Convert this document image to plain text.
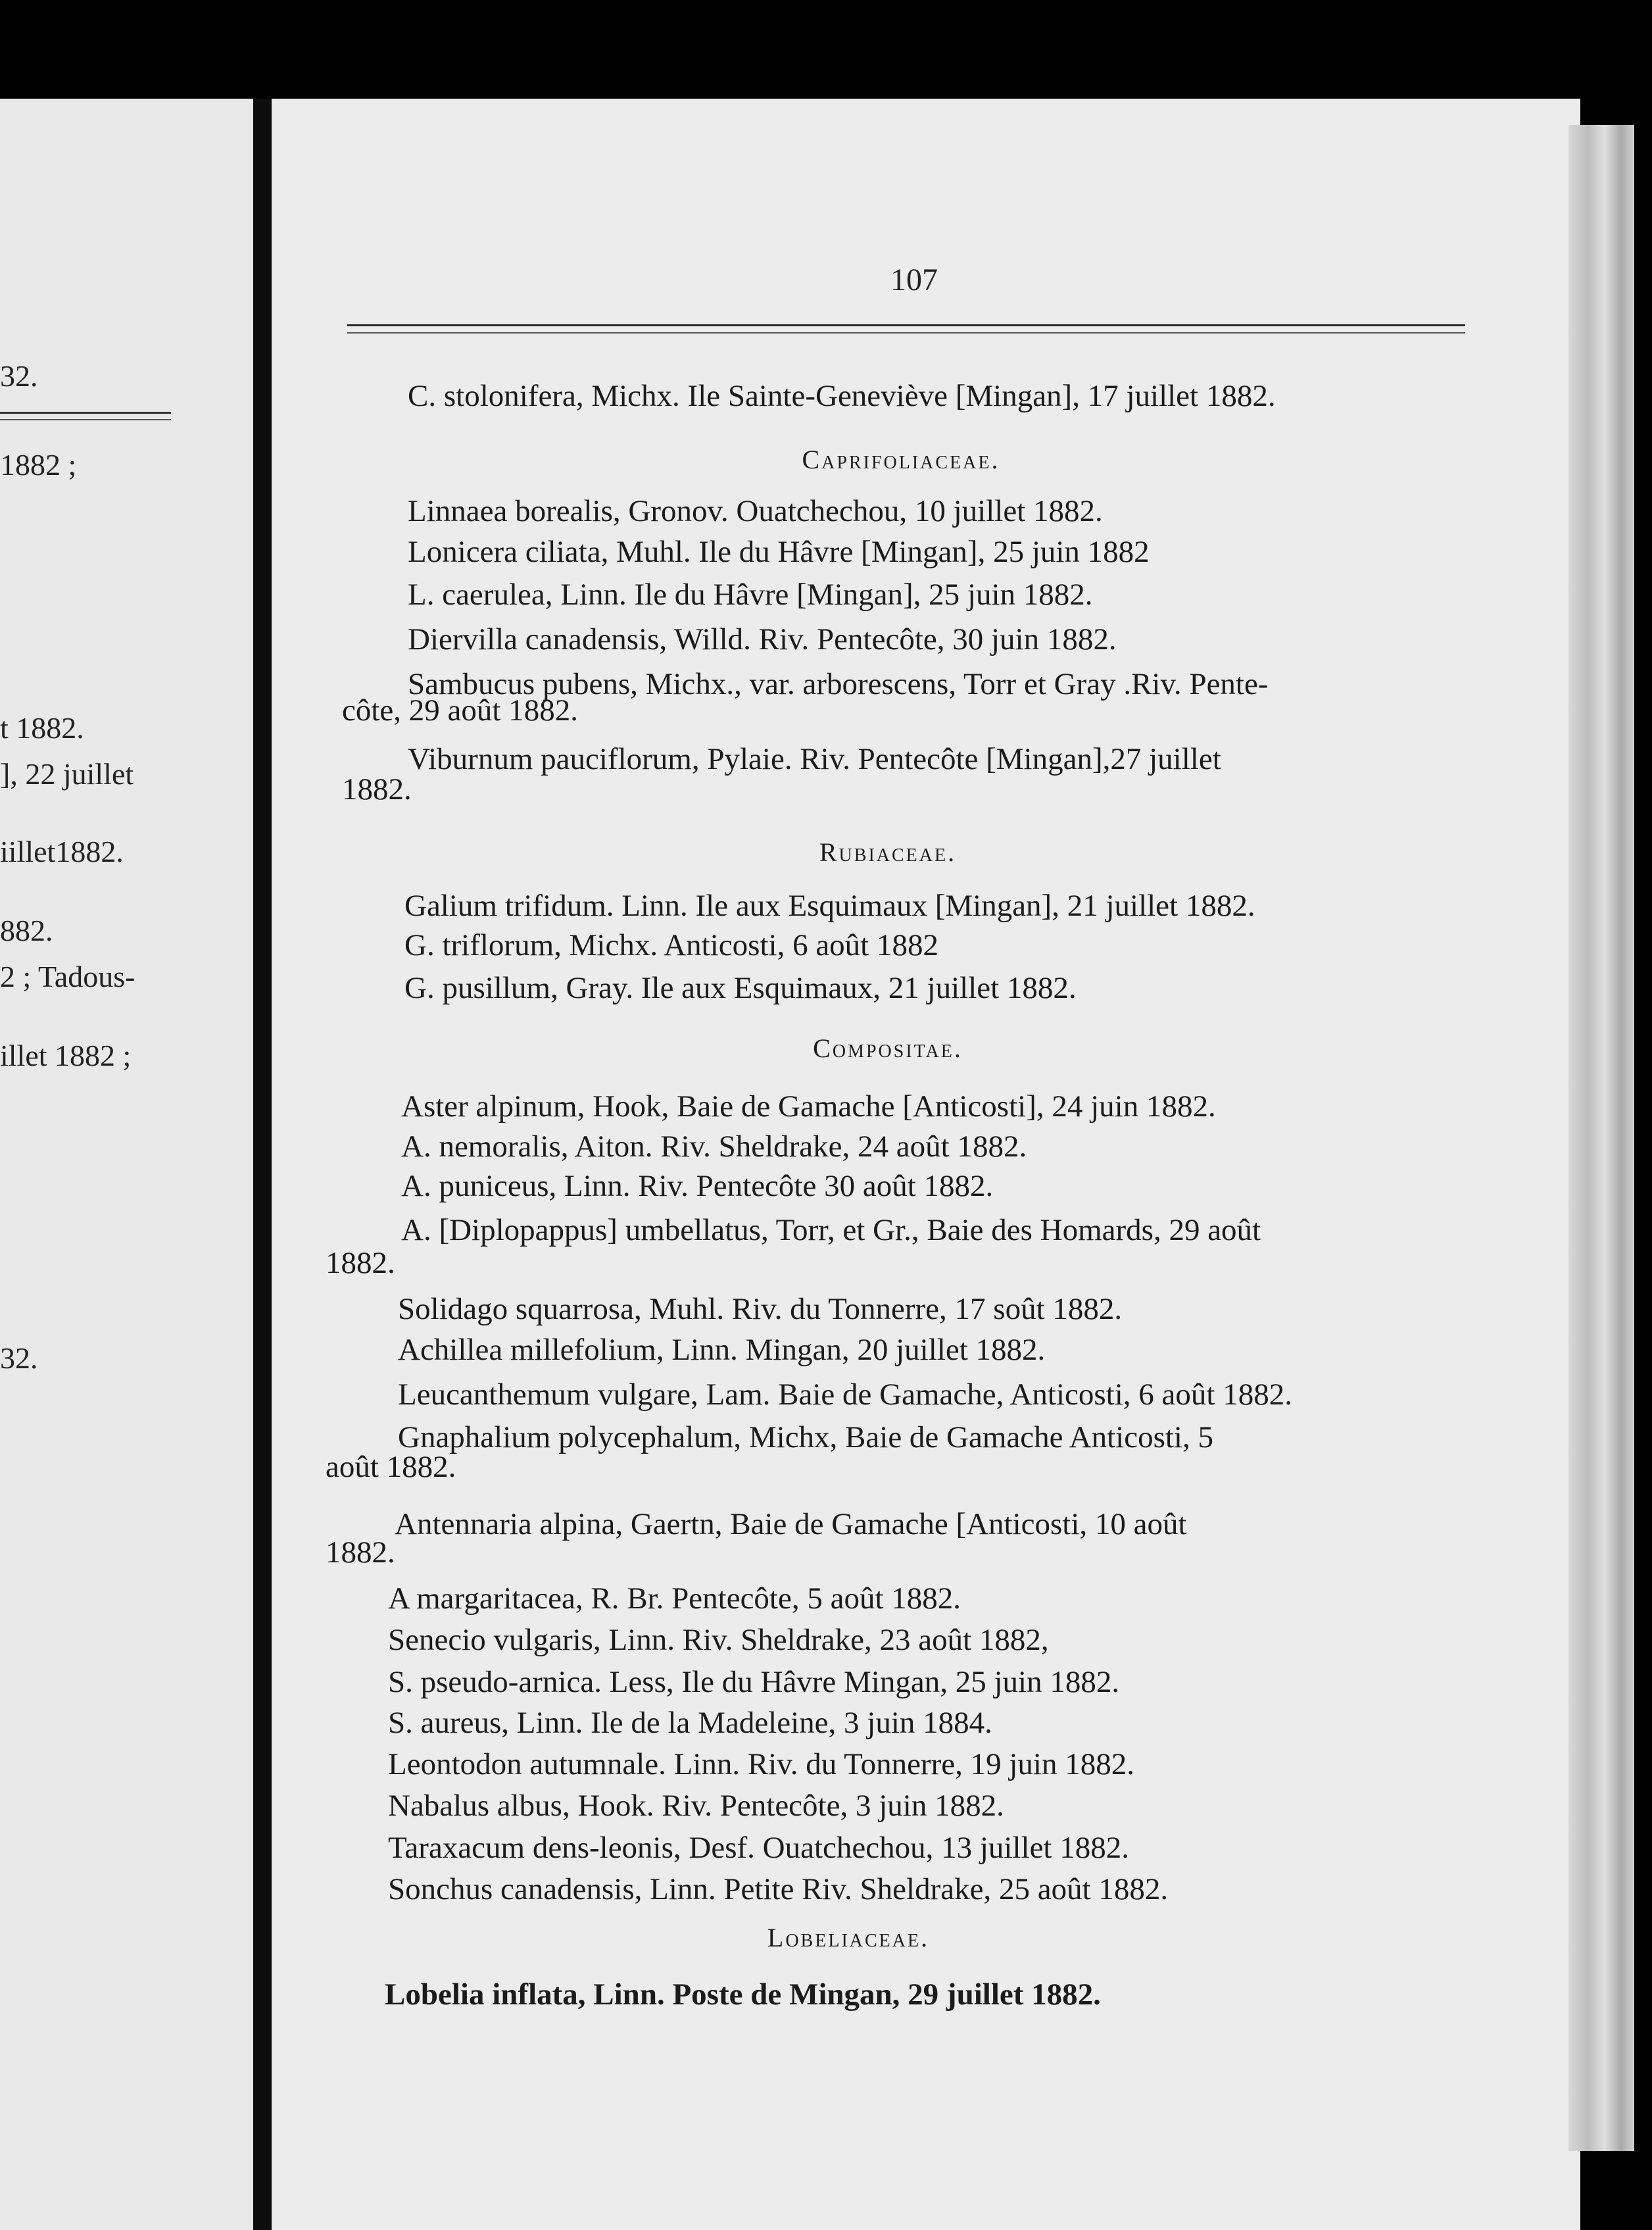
32.
1882 ;
t 1882.
], 22 juillet
iillet1882.
882.
2 ; Tadous-
illet 1882 ;
32.
107
C. stolonifera, Michx. Ile Sainte-Geneviève [Mingan], 17 juillet 1882.
Caprifoliaceae.
Linnaea borealis, Gronov. Ouatchechou, 10 juillet 1882.
Lonicera ciliata, Muhl. Ile du Hâvre [Mingan], 25 juin 1882
L. caerulea, Linn. Ile du Hâvre [Mingan], 25 juin 1882.
Diervilla canadensis, Willd. Riv. Pentecôte, 30 juin 1882.
Sambucus pubens, Michx., var. arborescens, Torr et Gray .Riv. Pente-
côte, 29 août 1882.
Viburnum pauciflorum, Pylaie. Riv. Pentecôte [Mingan],27 juillet
1882.
Rubiaceae.
Galium trifidum. Linn. Ile aux Esquimaux [Mingan], 21 juillet 1882.
G. triflorum, Michx. Anticosti, 6 août 1882
G. pusillum, Gray. Ile aux Esquimaux, 21 juillet 1882.
Compositae.
Aster alpinum, Hook, Baie de Gamache [Anticosti], 24 juin 1882.
A. nemoralis, Aiton. Riv. Sheldrake, 24 août 1882.
A. puniceus, Linn. Riv. Pentecôte 30 août 1882.
A. [Diplopappus] umbellatus, Torr, et Gr., Baie des Homards, 29 août
1882.
Solidago squarrosa, Muhl. Riv. du Tonnerre, 17 soût 1882.
Achillea millefolium, Linn. Mingan, 20 juillet 1882.
Leucanthemum vulgare, Lam. Baie de Gamache, Anticosti, 6 août 1882.
Gnaphalium polycephalum, Michx, Baie de Gamache Anticosti, 5
août 1882.
Antennaria alpina, Gaertn, Baie de Gamache [Anticosti, 10 août
1882.
A margaritacea, R. Br. Pentecôte, 5 août 1882.
Senecio vulgaris, Linn. Riv. Sheldrake, 23 août 1882,
S. pseudo-arnica. Less, Ile du Hâvre Mingan, 25 juin 1882.
S. aureus, Linn. Ile de la Madeleine, 3 juin 1884.
Leontodon autumnale. Linn. Riv. du Tonnerre, 19 juin 1882.
Nabalus albus, Hook. Riv. Pentecôte, 3 juin 1882.
Taraxacum dens-leonis, Desf. Ouatchechou, 13 juillet 1882.
Sonchus canadensis, Linn. Petite Riv. Sheldrake, 25 août 1882.
Lobeliaceae.
Lobelia inflata, Linn. Poste de Mingan, 29 juillet 1882.
